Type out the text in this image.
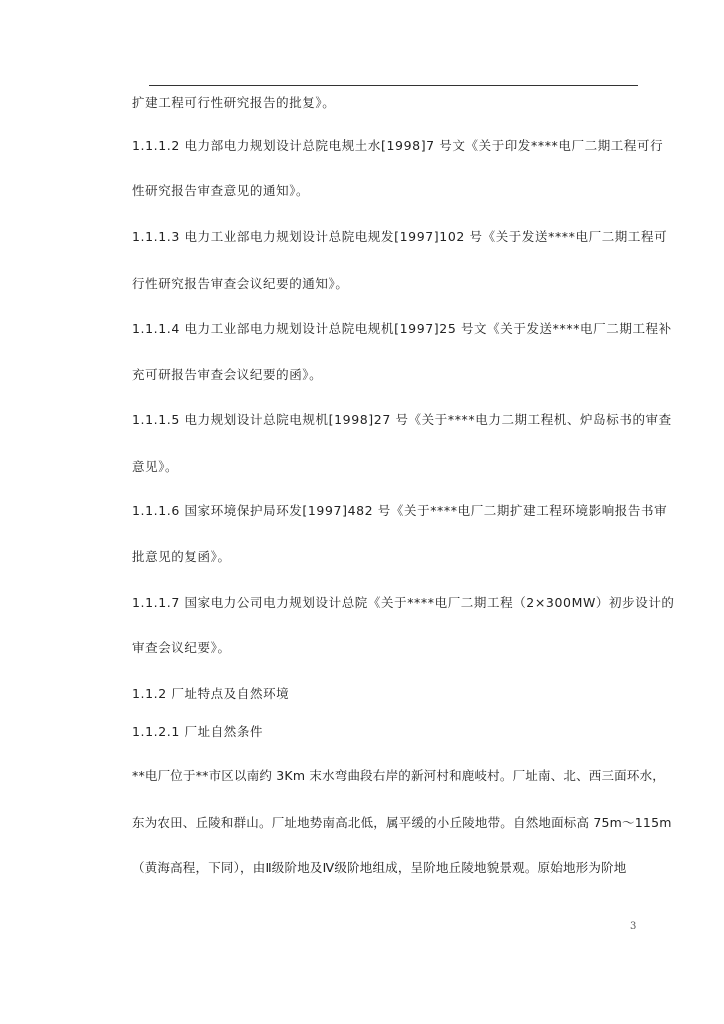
扩建工程可行性研究报告的批复》。
1.1.1.2 电力部电力规划设计总院电规土水[1998]7 号文《关于印发****电厂二期工程可行
性研究报告审查意见的通知》。
1.1.1.3 电力工业部电力规划设计总院电规发[1997]102 号《关于发送****电厂二期工程可
行性研究报告审查会议纪要的通知》。
1.1.1.4 电力工业部电力规划设计总院电规机[1997]25 号文《关于发送****电厂二期工程补
充可研报告审查会议纪要的函》。
1.1.1.5 电力规划设计总院电规机[1998]27 号《关于****电力二期工程机、炉岛标书的审查
意见》。
1.1.1.6 国家环境保护局环发[1997]482 号《关于****电厂二期扩建工程环境影响报告书审
批意见的复函》。
1.1.1.7 国家电力公司电力规划设计总院《关于****电厂二期工程（2×300MW）初步设计的
审查会议纪要》。
1.1.2 厂址特点及自然环境
1.1.2.1 厂址自然条件
**电厂位于**市区以南约 3Km 末水弯曲段右岸的新河村和鹿岐村。厂址南、北、西三面环水，
东为农田、丘陵和群山。厂址地势南高北低，属平缓的小丘陵地带。自然地面标高 75m～115m
（黄海高程，下同），由Ⅱ级阶地及Ⅳ级阶地组成，呈阶地丘陵地貌景观。原始地形为阶地
3
